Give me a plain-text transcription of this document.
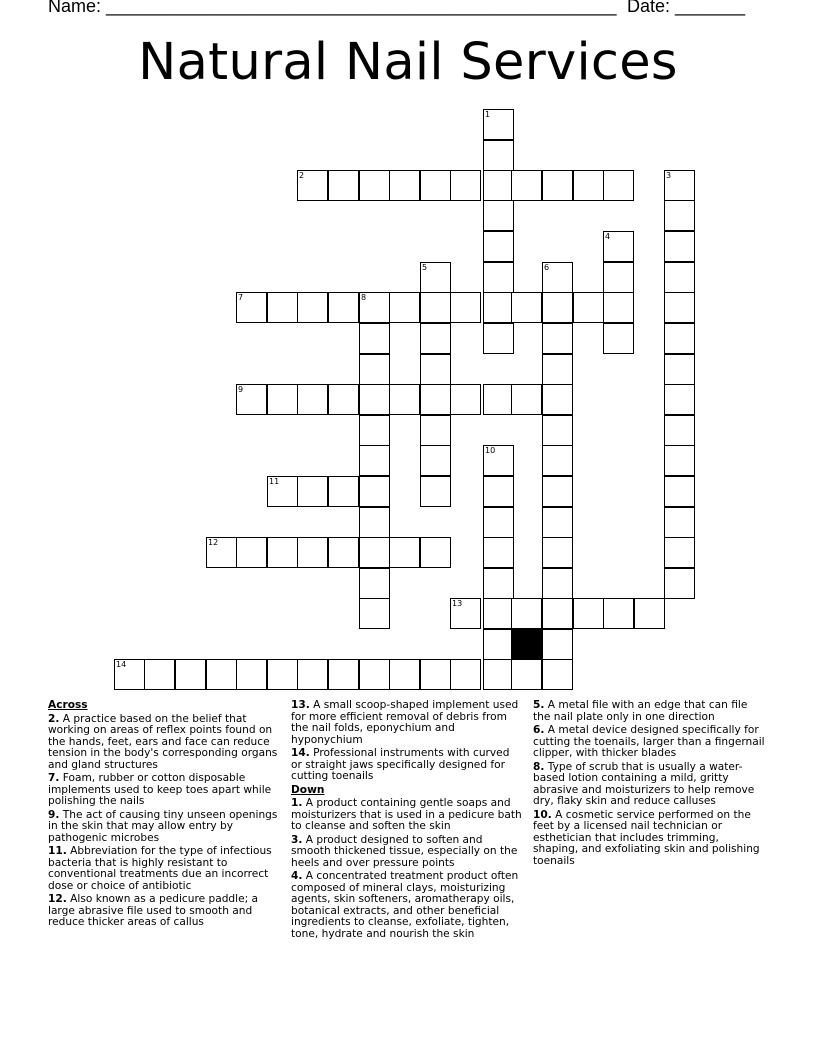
Name: ___________________________________________________ Date: _______
Natural Nail Services
1
2	3
4
5	6
7	8
9
10
11
12
13
14
Across
2. A practice based on the belief that working on areas of reflex points found on the hands, feet, ears and face can reduce tension in the body's corresponding organs and gland structures
7. Foam, rubber or cotton disposable implements used to keep toes apart while polishing the nails
9. The act of causing tiny unseen openings in the skin that may allow entry by pathogenic microbes
11. Abbreviation for the type of infectious bacteria that is highly resistant to conventional treatments due an incorrect dose or choice of antibiotic
12. Also known as a pedicure paddle; a large abrasive file used to smooth and reduce thicker areas of callus
13. A small scoop-shaped implement used for more efficient removal of debris from the nail folds, eponychium and hyponychium
14. Professional instruments with curved or straight jaws specifically designed for cutting toenails
Down
1. A product containing gentle soaps and moisturizers that is used in a pedicure bath to cleanse and soften the skin
3. A product designed to soften and smooth thickened tissue, especially on the heels and over pressure points
4. A concentrated treatment product often composed of mineral clays, moisturizing agents, skin softeners, aromatherapy oils, botanical extracts, and other beneficial ingredients to cleanse, exfoliate, tighten, tone, hydrate and nourish the skin
5. A metal file with an edge that can file the nail plate only in one direction
6. A metal device designed specifically for cutting the toenails, larger than a fingernail clipper, with thicker blades
8. Type of scrub that is usually a water-based lotion containing a mild, gritty abrasive and moisturizers to help remove dry, flaky skin and reduce calluses
10. A cosmetic service performed on the feet by a licensed nail technician or esthetician that includes trimming, shaping, and exfoliating skin and polishing toenails
